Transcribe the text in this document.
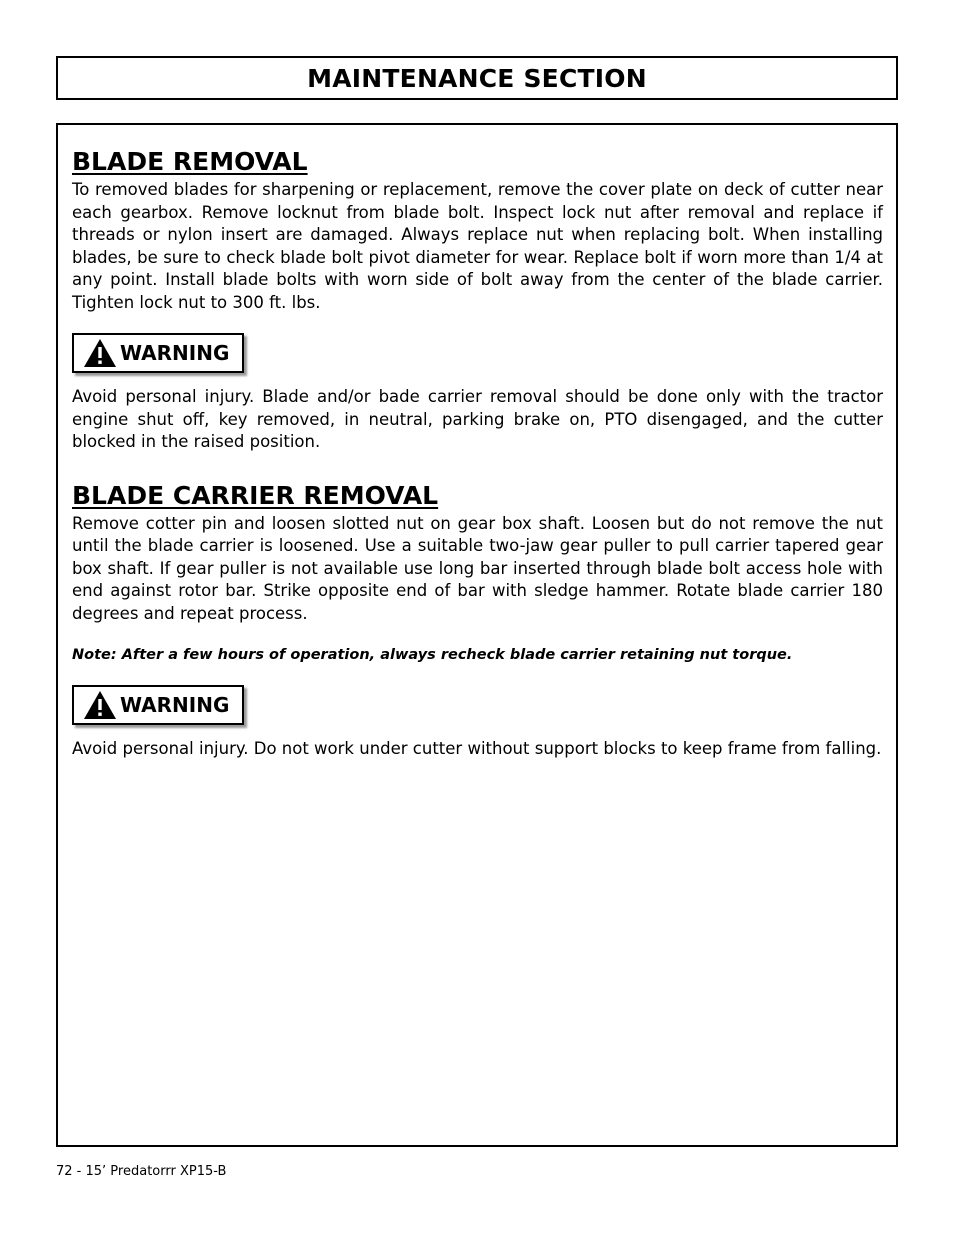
MAINTENANCE SECTION
BLADE REMOVAL

To removed blades for sharpening or replacement, remove the cover plate on deck of cutter near each gearbox. Remove locknut from blade bolt. Inspect lock nut after removal and replace if threads or nylon insert are damaged. Always replace nut when replacing bolt. When installing blades, be sure to check blade bolt pivot diameter for wear. Replace bolt if worn more than 1/4 at any point. Install blade bolts with worn side of bolt away from the center of the blade carrier. Tighten lock nut to 300 ft. lbs.

WARNING

Avoid personal injury. Blade and/or bade carrier removal should be done only with the tractor engine shut off, key removed, in neutral, parking brake on, PTO disengaged, and the cutter blocked in the raised position.

BLADE CARRIER REMOVAL

Remove cotter pin and loosen slotted nut on gear box shaft. Loosen but do not remove the nut until the blade carrier is loosened. Use a suitable two-jaw gear puller to pull carrier tapered gear box shaft. If gear puller is not available use long bar inserted through blade bolt access hole with end against rotor bar. Strike opposite end of bar with sledge hammer. Rotate blade carrier 180 degrees and repeat process.

Note: After a few hours of operation, always recheck blade carrier retaining nut torque.

WARNING

Avoid personal injury. Do not work under cutter without support blocks to keep frame from falling.

72 - 15’ Predatorrr XP15-B
